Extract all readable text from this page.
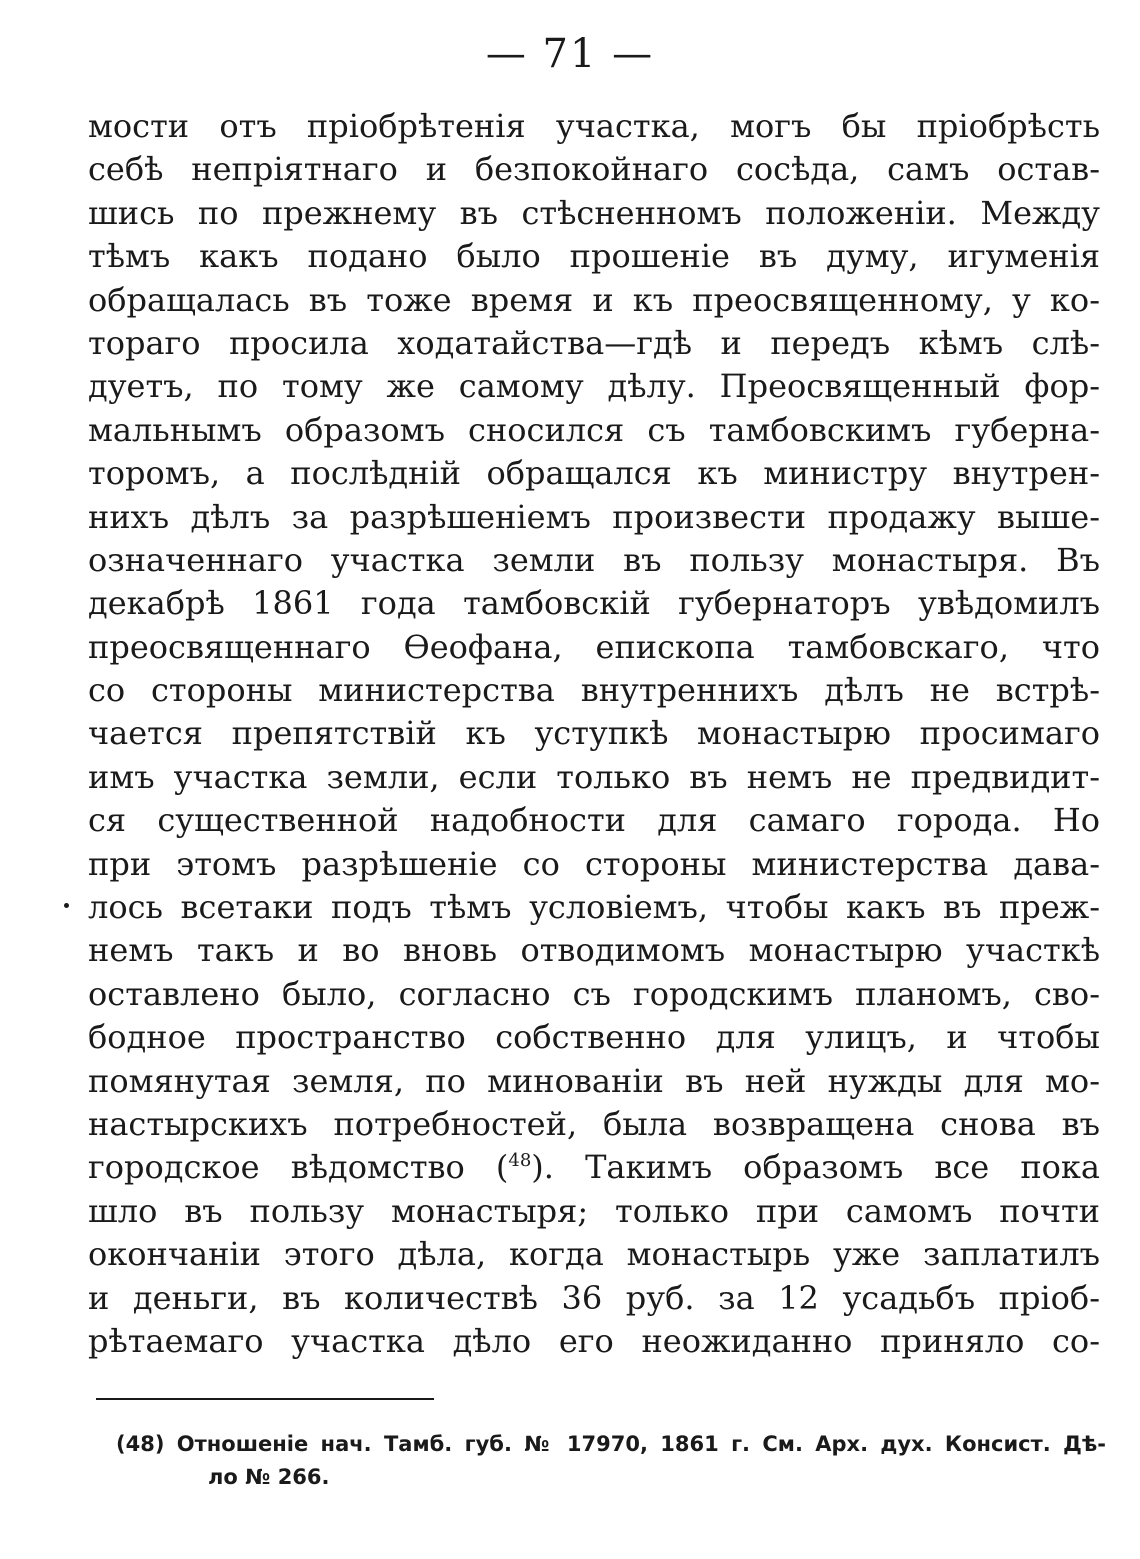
— 71 —
мости отъ пріобрѣтенія участка, могъ бы пріобрѣсть
себѣ непріятнаго и безпокойнаго сосѣда, самъ остав-
шись по прежнему въ стѣсненномъ положеніи. Между
тѣмъ какъ подано было прошеніе въ думу, игуменія
обращалась въ тоже время и къ преосвященному, у ко-
тораго просила ходатайства—гдѣ и передъ кѣмъ слѣ-
дуетъ, по тому же самому дѣлу. Преосвященный фор-
мальнымъ образомъ сносился съ тамбовскимъ губерна-
торомъ, а послѣдній обращался къ министру внутрен-
нихъ дѣлъ за разрѣшеніемъ произвести продажу выше-
означеннаго участка земли въ пользу монастыря. Въ
декабрѣ 1861 года тамбовскій губернаторъ увѣдомилъ
преосвященнаго Ѳеофана, епископа тамбовскаго, что
со стороны министерства внутреннихъ дѣлъ не встрѣ-
чается препятствій къ уступкѣ монастырю просимаго
имъ участка земли, если только въ немъ не предвидит-
ся существенной надобности для самаго города. Но
при этомъ разрѣшеніе со стороны министерства дава-
лось всетаки подъ тѣмъ условіемъ, чтобы какъ въ преж-
немъ такъ и во вновь отводимомъ монастырю участкѣ
оставлено было, согласно съ городскимъ планомъ, сво-
бодное пространство собственно для улицъ, и чтобы
помянутая земля, по минованіи въ ней нужды для мо-
настырскихъ потребностей, была возвращена снова въ
городское вѣдомство ($^{48}$). Такимъ образомъ все пока
шло въ пользу монастыря; только при самомъ почти
окончаніи этого дѣла, когда монастырь уже заплатилъ
и деньги, въ количествѣ 36 руб. за 12 усадьбъ пріоб-
рѣтаемаго участка дѣло его неожиданно приняло со-
(48) Отношеніе нач. Тамб. губ. № 17970, 1861 г. См. Арх. дух. Консист. Дѣ-
ло № 266.
